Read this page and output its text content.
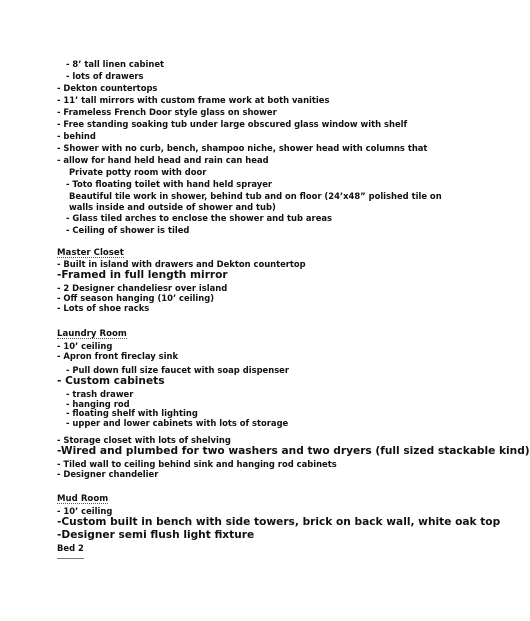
- 8’ tall linen cabinet
- lots of drawers
- Dekton countertops
- 11’ tall mirrors with custom frame work at both vanities
- Frameless French Door style glass on shower
- Free standing soaking tub under large obscured glass window with shelf
- behind
- Shower with no curb, bench, shampoo niche, shower head with columns that
- allow for hand held head and rain can head
Private potty room with door
- Toto floating toilet with hand held sprayer
Beautiful tile work in shower, behind tub and on floor (24’x48” polished tile on
walls inside and outside of shower and tub)
- Glass tiled arches to enclose the shower and tub areas
- Ceiling of shower is tiled
Master Closet
- Built in island with drawers and Dekton countertop
-Framed in full length mirror
- 2 Designer chandeliesr over island
- Off season hanging (10’ ceiling)
- Lots of shoe racks
Laundry Room
- 10’ ceiling
- Apron front fireclay sink
- Pull down full size faucet with soap dispenser
- Custom cabinets
- trash drawer
- hanging rod
- floating shelf with lighting
- upper and lower cabinets with lots of storage
- Storage closet with lots of shelving
-Wired and plumbed for two washers and two dryers (full sized stackable kind)
- Tiled wall to ceiling behind sink and hanging rod cabinets
- Designer chandelier
Mud Room
- 10’ ceiling
-Custom built in bench with side towers, brick on back wall, white oak top
-Designer semi flush light fixture
Bed 2
